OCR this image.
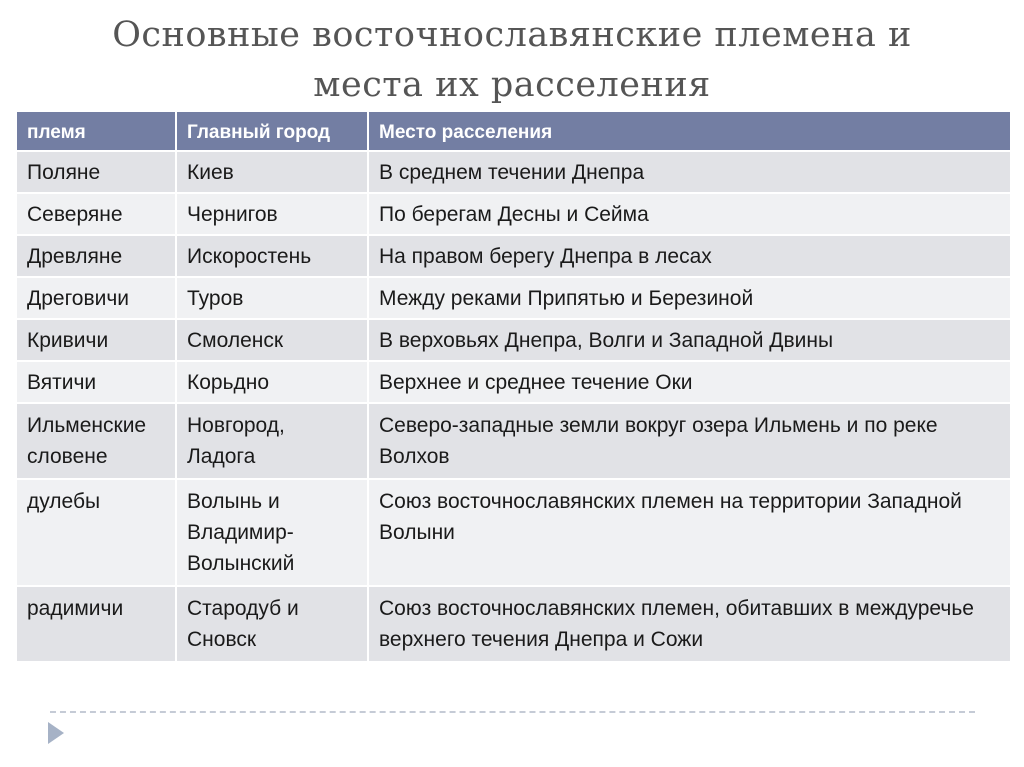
Основные восточнославянские племена и
места их расселения
племя	Главный город	Место расселения
Поляне	Киев	В среднем течении Днепра
Северяне	Чернигов	По берегам Десны и Сейма
Древляне	Искоростень	На правом берегу Днепра в лесах
Дреговичи	Туров	Между реками Припятью и Березиной
Кривичи	Смоленск	В верховьях Днепра, Волги и Западной Двины
Вятичи	Корьдно	Верхнее и среднее течение Оки
Ильменские словене	Новгород, Ладога	Северо-западные земли вокруг озера Ильмень и по реке Волхов
дулебы	Волынь и Владимир-Волынский	Союз восточнославянских племен на территории Западной Волыни
радимичи	Стародуб и Сновск	Союз восточнославянских племен, обитавших в междуречье верхнего течения Днепра и Сожи
